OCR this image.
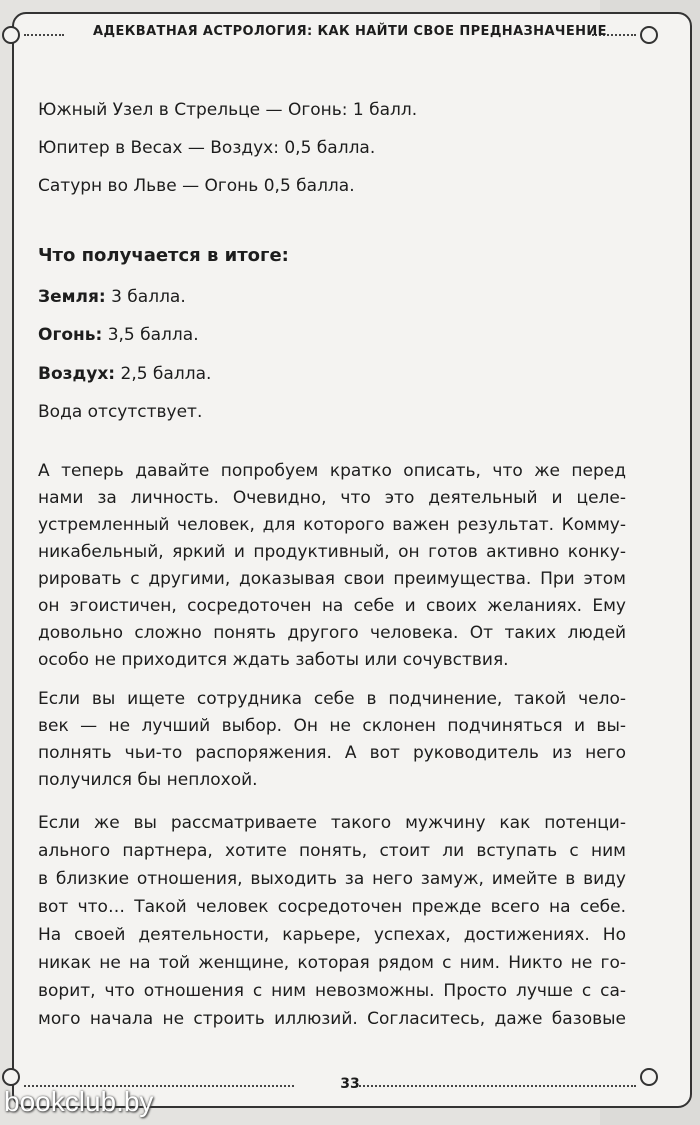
АДЕКВАТНАЯ АСТРОЛОГИЯ: КАК НАЙТИ СВОЕ ПРЕДНАЗНАЧЕНИЕ
Южный Узел в Стрельце — Огонь: 1 балл.
Юпитер в Весах — Воздух: 0,5 балла.
Сатурн во Льве — Огонь 0,5 балла.
Что получается в итоге:
Земля: 3 балла.
Огонь: 3,5 балла.
Воздух: 2,5 балла.
Вода отсутствует.
А теперь давайте попробуем кратко описать, что же перед
нами за личность. Очевидно, что это деятельный и целе-
устремленный человек, для которого важен результат. Комму-
никабельный, яркий и продуктивный, он готов активно конку-
рировать с другими, доказывая свои преимущества. При этом
он эгоистичен, сосредоточен на себе и своих желаниях. Ему
довольно сложно понять другого человека. От таких людей
особо не приходится ждать заботы или сочувствия.
Если вы ищете сотрудника себе в подчинение, такой чело-
век — не лучший выбор. Он не склонен подчиняться и вы-
полнять чьи-то распоряжения. А вот руководитель из него
получился бы неплохой.
Если же вы рассматриваете такого мужчину как потенци-
ального партнера, хотите понять, стоит ли вступать с ним
в близкие отношения, выходить за него замуж, имейте в виду
вот что… Такой человек сосредоточен прежде всего на себе.
На своей деятельности, карьере, успехах, достижениях. Но
никак не на той женщине, которая рядом с ним. Никто не го-
ворит, что отношения с ним невозможны. Просто лучше с са-
мого начала не строить иллюзий. Согласитесь, даже базовые
33
bookclub.by
